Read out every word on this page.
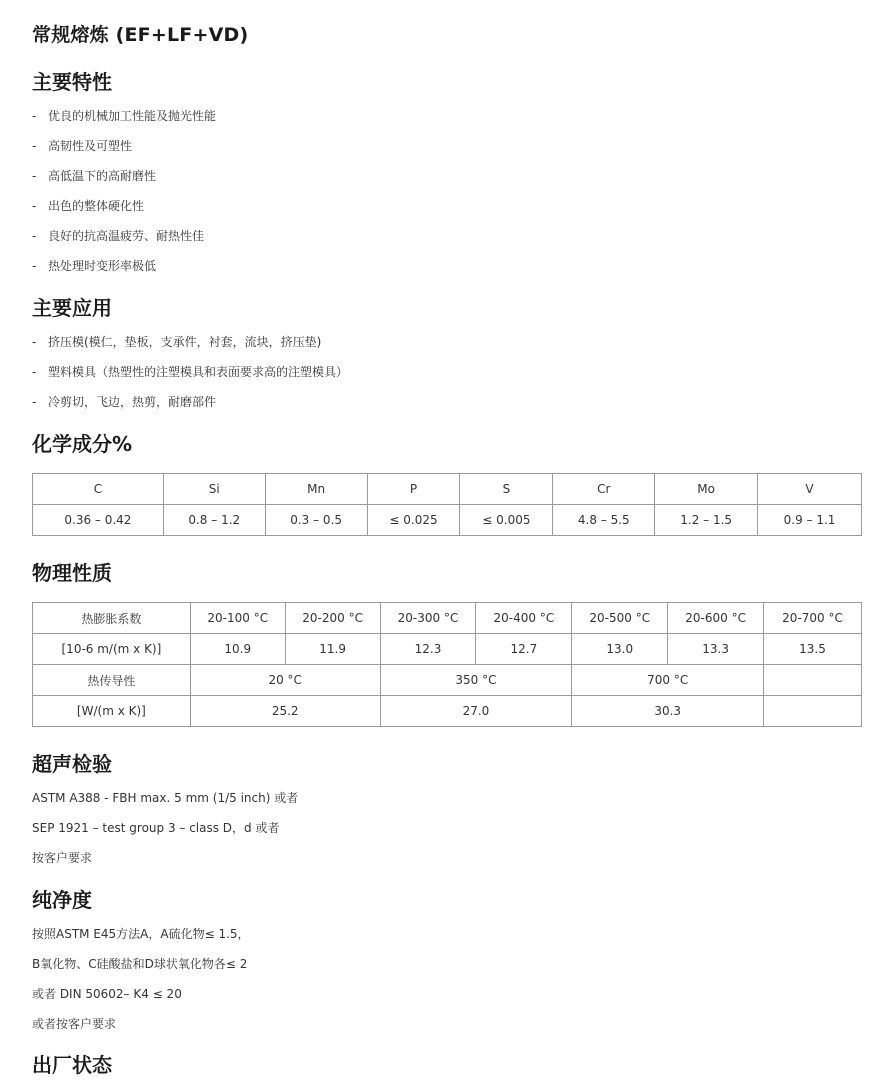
常规熔炼 (EF+LF+VD)
主要特性
- 优良的机械加工性能及抛光性能
- 高韧性及可塑性
- 高低温下的高耐磨性
- 出色的整体硬化性
- 良好的抗高温疲劳、耐热性佳
- 热处理时变形率极低
主要应用
- 挤压模(模仁，垫板，支承件，衬套，流块，挤压垫)
- 塑料模具（热塑性的注塑模具和表面要求高的注塑模具）
- 冷剪切，飞边，热剪，耐磨部件
化学成分%
C	Si	Mn	P	S	Cr	Mo	V
0.36 – 0.42	0.8 – 1.2	0.3 – 0.5	≤ 0.025	≤ 0.005	4.8 – 5.5	1.2 – 1.5	0.9 – 1.1
物理性质
热膨胀系数	20-100 °C	20-200 °C	20-300 °C	20-400 °C	20-500 °C	20-600 °C	20-700 °C
[10-6 m/(m x K)]	10.9	11.9	12.3	12.7	13.0	13.3	13.5
热传导性	20 °C		350 °C		700 °C		
[W/(m x K)]	25.2		27.0		30.3		
超声检验

ASTM A388 - FBH max. 5 mm (1/5 inch) 或者

SEP 1921 – test group 3 – class D，d 或者

按客户要求

纯净度

按照ASTM E45方法A，A硫化物≤ 1.5，

B氧化物、C硅酸盐和D球状氧化物各≤ 2

或者 DIN 50602– K4 ≤ 20

或者按客户要求

出厂状态
